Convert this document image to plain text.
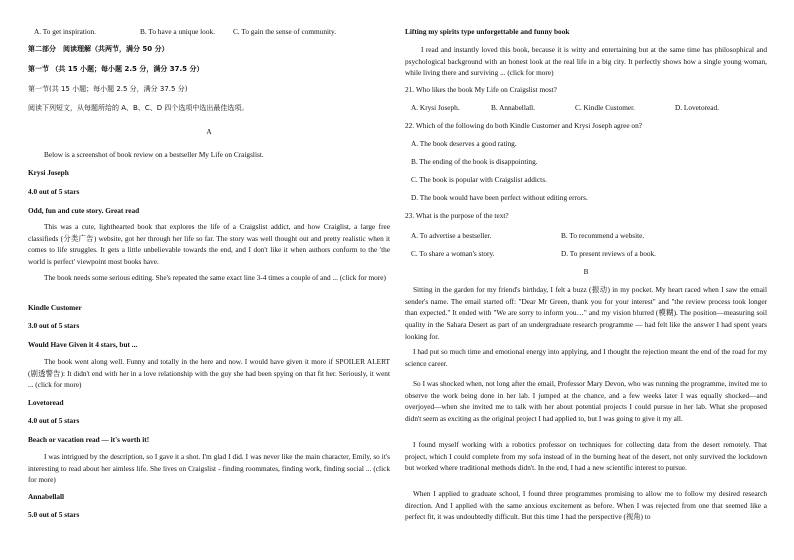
A. To get inspiration.	B. To have a unique look. C. To gain the sense of community.
第二部分　阅读理解（共两节，满分 50 分）
第一节 （共 15 小题；每小题 2.5 分，满分 37.5 分）
第一节(共 15 小题；每小题 2.5 分，满分 37.5 分)
阅读下列短文，从每题所给的 A、B、C、D 四个选项中选出最佳选项。
A
Below is a screenshot of book review on a bestseller My Life on Craigslist.
Krysi Joseph
4.0 out of 5 stars
Odd, fun and cute story. Great read
This was a cute, lighthearted book that explores the life of a Craigslist addict, and how Craiglist, a large free classifieds (分类广告) website, got her through her life so far. The story was well thought out and pretty realistic when it comes to life struggles. It gets a little unbelievable towards the end, and I don't like it when authors conform to the 'the world is perfect' viewpoint most books have.
The book needs some serious editing. She's repeated the same exact line 3-4 times a couple of and ... (click for more)
Kindle Customer
3.0 out of 5 stars
Would Have Given it 4 stars, but ...
The book went along well. Funny and totally in the here and now. I would have given it more if SPOILER ALERT (剧透警告): It didn't end with her in a love relationship with the guy she had been spying on that fit her. Seriously, it went ... (click for more)
Lovetoread
4.0 out of 5 stars
Beach or vacation read — it's worth it!
I was intrigued by the description, so I gave it a shot. I'm glad I did. I was never like the main character, Emily, so it's interesting to read about her aimless life. She lives on Craigslist - finding roommates, finding work, finding social ... (click for more)
Annabellall
5.0 out of 5 stars
Lifting my spirits type unforgettable and funny book
I read and instantly loved this book, because it is witty and entertaining but at the same time has philosophical and psychological background with an honest look at the real life in a big city. It perfectly shows how a single young woman, while living there and surviving ... (click for more)
21. Who likes the book My Life on Craigslist most?
A. Krysi Joseph.	B. Annabellall.	C. Kindle Customer.	D. Lovetoread.
22. Which of the following do both Kindle Customer and Krysi Joseph agree on?
A. The book deserves a good rating.
B. The ending of the book is disappointing.
C. The book is popular with Craigslist addicts.
D. The book would have been perfect without editing errors.
23. What is the purpose of the text?
A. To advertise a bestseller.	B. To recommend a website.
C. To share a woman's story.	D. To present reviews of a book.
B
Sitting in the garden for my friend's birthday, I felt a buzz (振动) in my pocket. My heart raced when I saw the email sender's name. The email started off: "Dear Mr Green, thank you for your interest" and "the review process took longer than expected." It ended with "We are sorry to inform you…" and my vision blurred (模糊). The position—measuring soil quality in the Sahara Desert as part of an undergraduate research programme — had felt like the answer I had spent years looking for.
I had put so much time and emotional energy into applying, and I thought the rejection meant the end of the road for my science career.
So I was shocked when, not long after the email, Professor Mary Devon, who was running the programme, invited me to observe the work being done in her lab. I jumped at the chance, and a few weeks later I was equally shocked—and overjoyed—when she invited me to talk with her about potential projects I could pursue in her lab. What she proposed didn't seem as exciting as the original project I had applied to, but I was going to give it my all.
I found myself working with a robotics professor on techniques for collecting data from the desert remotely. That project, which I could complete from my sofa instead of in the burning heat of the desert, not only survived the lockdown but worked where traditional methods didn't. In the end, I had a new scientific interest to pursue.
When I applied to graduate school, I found three programmes promising to allow me to follow my desired research direction. And I applied with the same anxious excitement as before. When I was rejected from one that seemed like a perfect fit, it was undoubtedly difficult. But this time I had the perspective (视角) to
